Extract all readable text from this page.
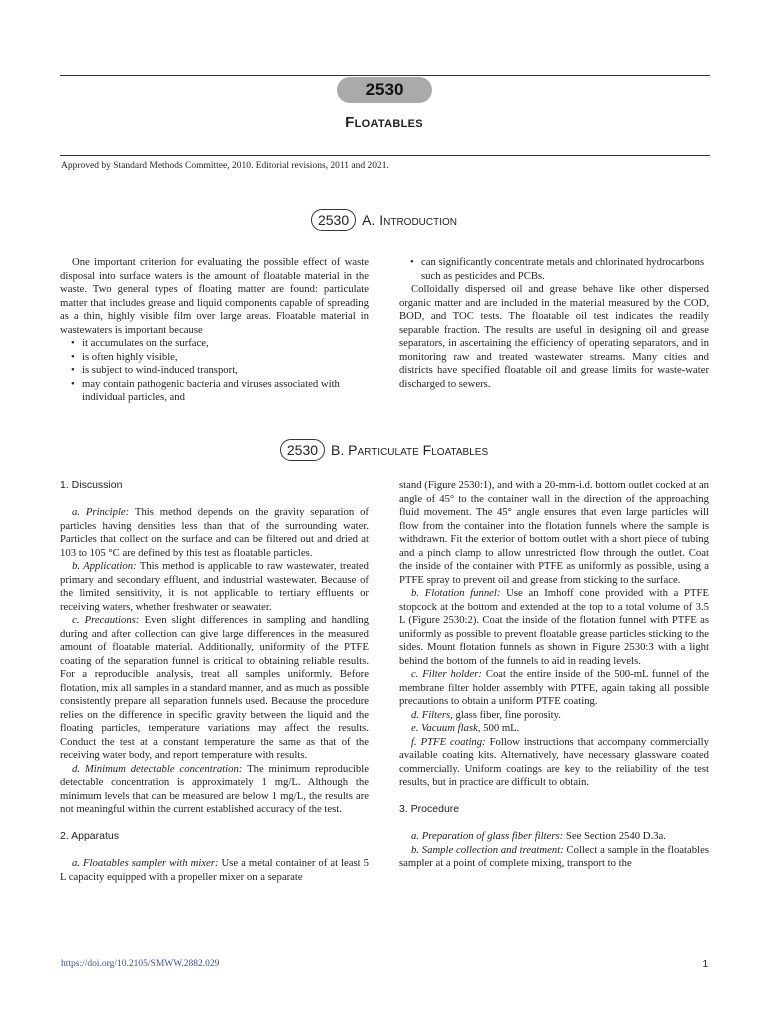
2530
Floatables
Approved by Standard Methods Committee, 2010. Editorial revisions, 2011 and 2021.
2530 A. Introduction

One important criterion for evaluating the possible effect of waste disposal into surface waters is the amount of floatable material in the waste. Two general types of floating matter are found: particulate matter that includes grease and liquid components capable of spreading as a thin, highly visible film over large areas. Floatable material in wastewaters is important because

• it accumulates on the surface,
• is often highly visible,
• is subject to wind-induced transport,
• may contain pathogenic bacteria and viruses associated with individual particles, and
• can significantly concentrate metals and chlorinated hydrocarbons such as pesticides and PCBs.

Colloidally dispersed oil and grease behave like other dispersed organic matter and are included in the material measured by the COD, BOD, and TOC tests. The floatable oil test indicates the readily separable fraction. The results are useful in designing oil and grease separators, in ascertaining the efficiency of operating separators, and in monitoring raw and treated wastewater streams. Many cities and districts have specified floatable oil and grease limits for waste-water discharged to sewers.

2530 B. Particulate Floatables

1. Discussion

a. Principle: This method depends on the gravity separation of particles having densities less than that of the surrounding water. Particles that collect on the surface and can be filtered out and dried at 103 to 105 °C are defined by this test as floatable particles.

b. Application: This method is applicable to raw wastewater, treated primary and secondary effluent, and industrial wastewater. Because of the limited sensitivity, it is not applicable to tertiary effluents or receiving waters, whether freshwater or seawater.

c. Precautions: Even slight differences in sampling and handling during and after collection can give large differences in the measured amount of floatable material. Additionally, uniformity of the PTFE coating of the separation funnel is critical to obtaining reliable results. For a reproducible analysis, treat all samples uniformly. Before flotation, mix all samples in a standard manner, and as much as possible consistently prepare all separation funnels used. Because the procedure relies on the difference in specific gravity between the liquid and the floating particles, temperature variations may affect the results. Conduct the test at a constant temperature the same as that of the receiving water body, and report temperature with results.

d. Minimum detectable concentration: The minimum reproducible detectable concentration is approximately 1 mg/L. Although the minimum levels that can be measured are below 1 mg/L, the results are not meaningful within the current established accuracy of the test.

2. Apparatus

a. Floatables sampler with mixer: Use a metal container of at least 5 L capacity equipped with a propeller mixer on a separate

stand (Figure 2530:1), and with a 20-mm-i.d. bottom outlet cocked at an angle of 45° to the container wall in the direction of the approaching fluid movement. The 45° angle ensures that even large particles will flow from the container into the flotation funnels where the sample is withdrawn. Fit the exterior of bottom outlet with a short piece of tubing and a pinch clamp to allow unrestricted flow through the outlet. Coat the inside of the container with PTFE as uniformly as possible, using a PTFE spray to prevent oil and grease from sticking to the surface.

b. Flotation funnel: Use an Imhoff cone provided with a PTFE stopcock at the bottom and extended at the top to a total volume of 3.5 L (Figure 2530:2). Coat the inside of the flotation funnel with PTFE as uniformly as possible to prevent floatable grease particles sticking to the sides. Mount flotation funnels as shown in Figure 2530:3 with a light behind the bottom of the funnels to aid in reading levels.

c. Filter holder: Coat the entire inside of the 500-mL funnel of the membrane filter holder assembly with PTFE, again taking all possible precautions to obtain a uniform PTFE coating.

d. Filters, glass fiber, fine porosity.

e. Vacuum flask, 500 mL.

f. PTFE coating: Follow instructions that accompany commercially available coating kits. Alternatively, have necessary glassware coated commercially. Uniform coatings are key to the reliability of the test results, but in practice are difficult to obtain.

3. Procedure

a. Preparation of glass fiber filters: See Section 2540 D.3a.

b. Sample collection and treatment: Collect a sample in the floatables sampler at a point of complete mixing, transport to the

https://doi.org/10.2105/SMWW.2882.029	1
